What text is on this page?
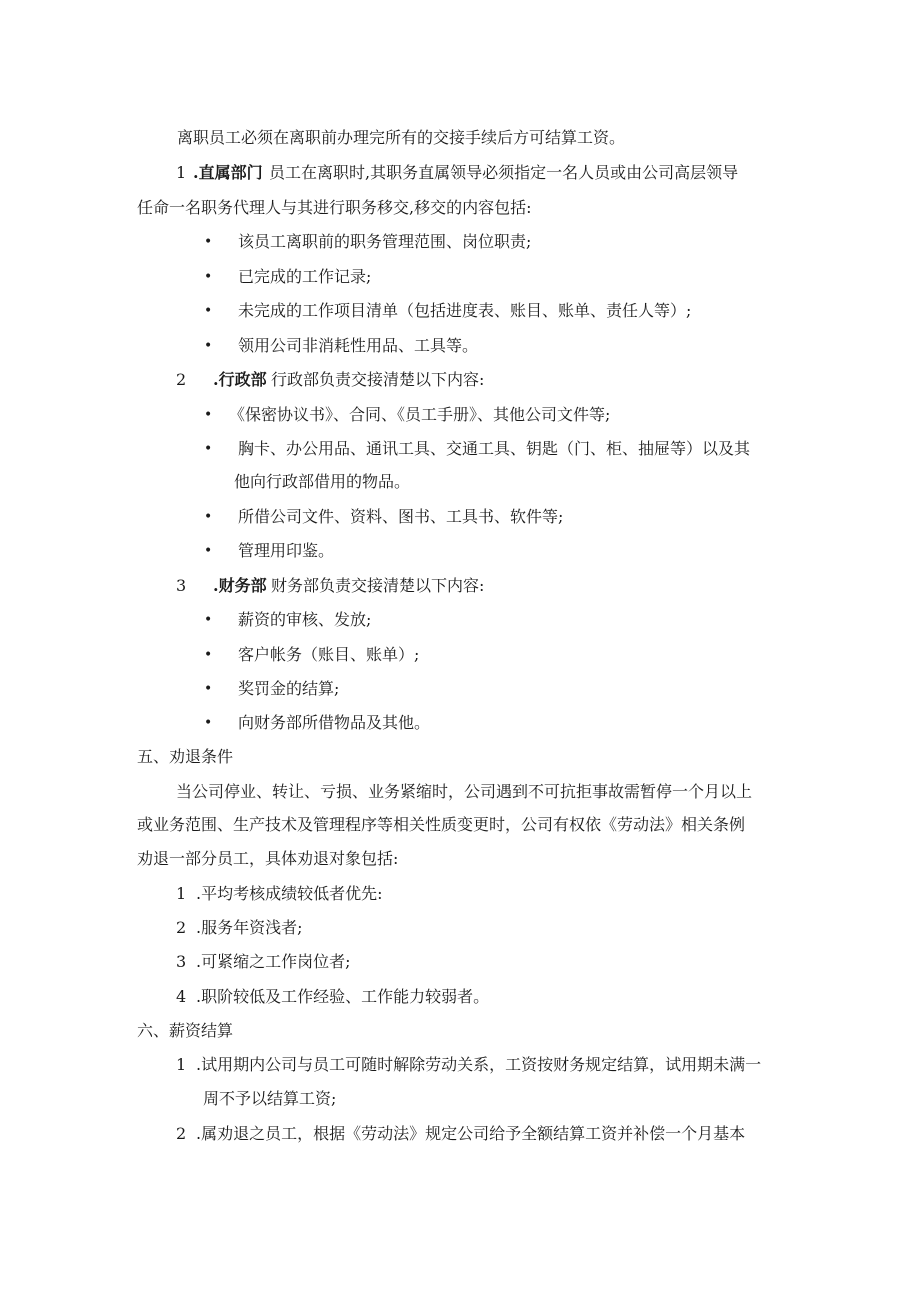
离职员工必须在离职前办理完所有的交接手续后方可结算工资。
1 .直属部门 员工在离职时,其职务直属领导必须指定一名人员或由公司高层领导
任命一名职务代理人与其进行职务移交,移交的内容包括:
• 该员工离职前的职务管理范围、岗位职责;
• 已完成的工作记录;
• 未完成的工作项目清单（包括进度表、账目、账单、责任人等）;
• 领用公司非消耗性用品、工具等。
2 .行政部 行政部负责交接清楚以下内容:
• 《保密协议书》、合同、《员工手册》、其他公司文件等;
• 胸卡、办公用品、通讯工具、交通工具、钥匙（门、柜、抽屉等）以及其
他向行政部借用的物品。
• 所借公司文件、资料、图书、工具书、软件等;
• 管理用印鉴。
3 .财务部 财务部负责交接清楚以下内容:
• 薪资的审核、发放;
• 客户帐务（账目、账单）;
• 奖罚金的结算;
• 向财务部所借物品及其他。
五、劝退条件
当公司停业、转让、亏损、业务紧缩时，公司遇到不可抗拒事故需暂停一个月以上
或业务范围、生产技术及管理程序等相关性质变更时，公司有权依《劳动法》相关条例
劝退一部分员工，具体劝退对象包括:
1 .平均考核成绩较低者优先:
2 .服务年资浅者;
3 .可紧缩之工作岗位者;
4 .职阶较低及工作经验、工作能力较弱者。
六、薪资结算
1 .试用期内公司与员工可随时解除劳动关系，工资按财务规定结算，试用期未满一
周不予以结算工资;
2 .属劝退之员工，根据《劳动法》规定公司给予全额结算工资并补偿一个月基本
